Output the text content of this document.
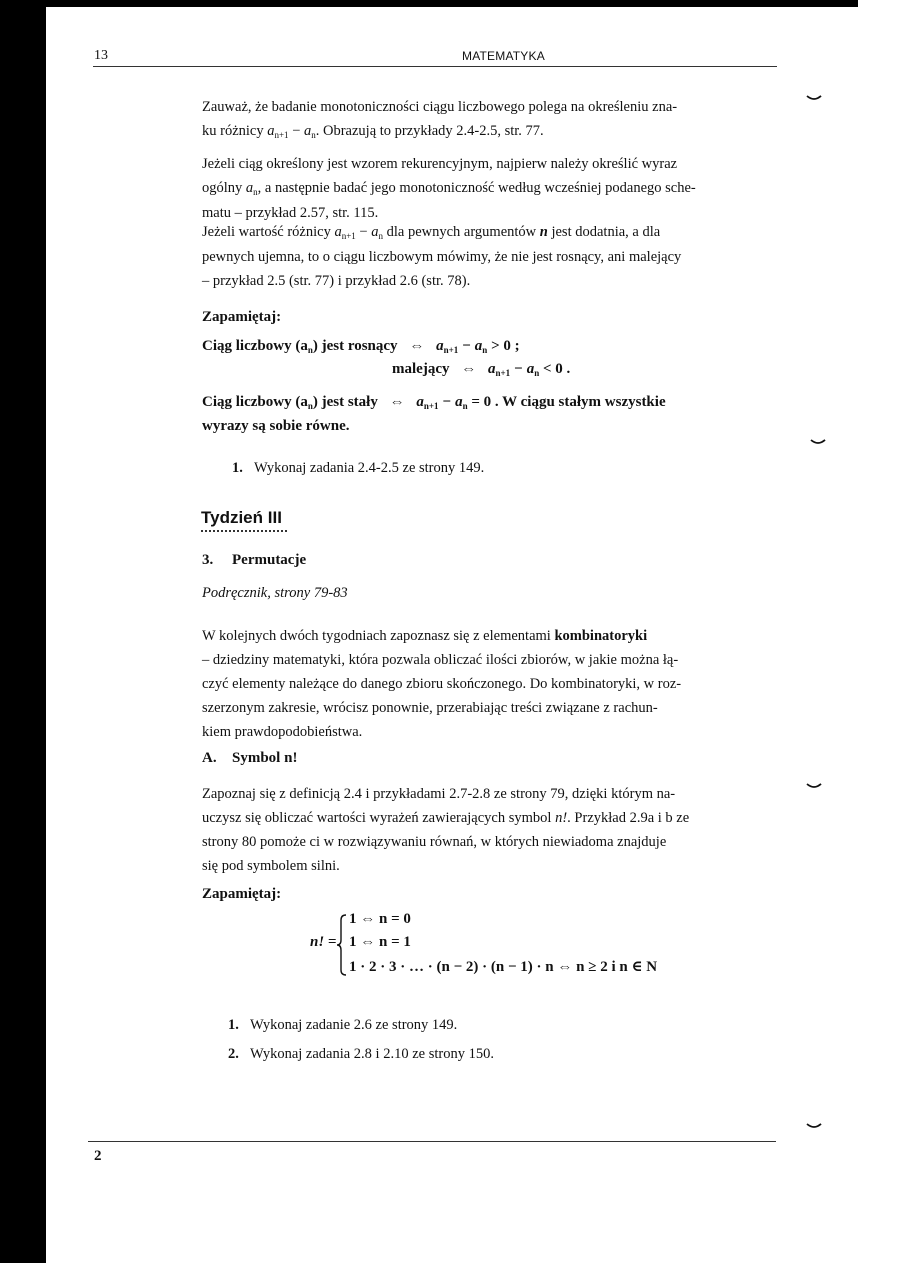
13	MATEMATYKA
Zauważ, że badanie monotoniczności ciągu liczbowego polega na określeniu zna-
ku różnicy $a_{n+1} - a_n$. Obrazują to przykłady 2.4-2.5, str. 77.
Jeżeli ciąg określony jest wzorem rekurencyjnym, najpierw należy określić wyraz
ogólny $a_n$, a następnie badać jego monotoniczność według wcześniej podanego sche-
matu – przykład 2.57, str. 115.
Jeżeli wartość różnicy $a_{n+1} - a_n$ dla pewnych argumentów n jest dodatnia, a dla
pewnych ujemna, to o ciągu liczbowym mówimy, że nie jest rosnący, ani malejący
– przykład 2.5 (str. 77) i przykład 2.6 (str. 78).
Zapamiętaj:
Ciąg liczbowy $(a_n)$ jest rosnący ⇔ $a_{n+1} - a_n > 0$ ;
malejący ⇔ $a_{n+1} - a_n < 0$ .
Ciąg liczbowy $(a_n)$ jest stały ⇔ $a_{n+1} - a_n = 0$ . W ciągu stałym wszystkie
wyrazy są sobie równe.
1. Wykonaj zadania 2.4-2.5 ze strony 149.
Tydzień III
3. Permutacje
Podręcznik, strony 79-83
W kolejnych dwóch tygodniach zapoznasz się z elementami kombinatoryki
– dziedziny matematyki, która pozwala obliczać ilości zbiorów, w jakie można łą-
czyć elementy należące do danego zbioru skończonego. Do kombinatoryki, w roz-
szerzonym zakresie, wrócisz ponownie, przerabiając treści związane z rachun-
kiem prawdopodobieństwa.
A. Symbol n!
Zapoznaj się z definicją 2.4 i przykładami 2.7-2.8 ze strony 79, dzięki którym na-
uczysz się obliczać wartości wyrażeń zawierających symbol n!. Przykład 2.9a i b ze
strony 80 pomoże ci w rozwiązywaniu równań, w których niewiadoma znajduje
się pod symbolem silni.
Zapamiętaj:
n! =
1 ⇔ n = 0
1 ⇔ n = 1
1 · 2 · 3 · … · (n − 2) · (n − 1) · n ⇔ n ≥ 2 i n ∈ N
1. Wykonaj zadanie 2.6 ze strony 149.
2. Wykonaj zadania 2.8 i 2.10 ze strony 150.
2
